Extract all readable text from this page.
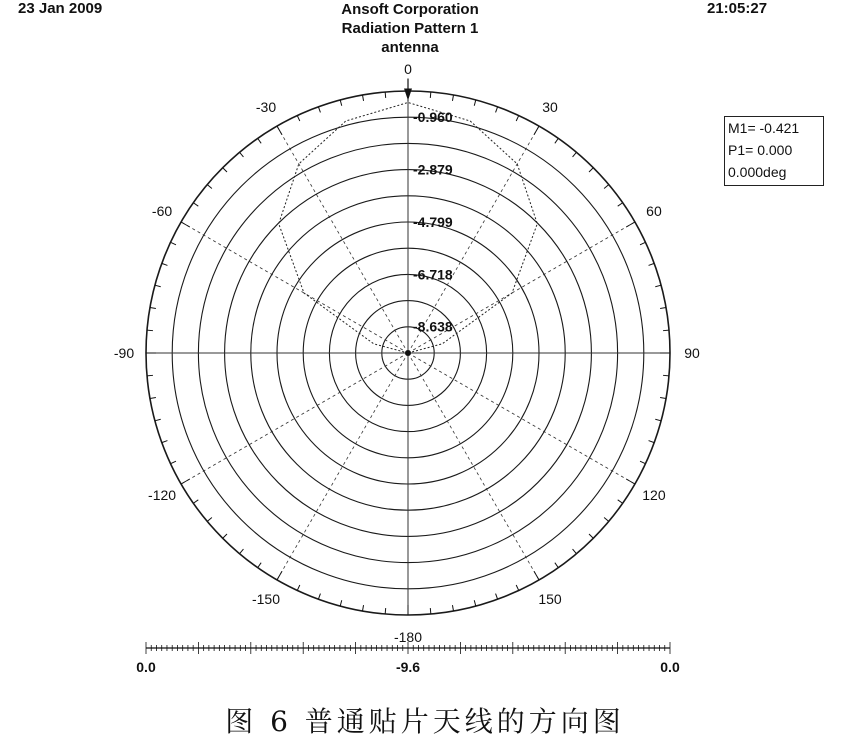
23 Jan 2009	21:05:27
Ansoft Corporation
Radiation Pattern 1
antenna
0
30
60
90
120
150
-180
-150
-120
-90
-60
-30
-0.960
-2.879
-4.799
-6.718
-8.638
0.0	-9.6	0.0
M1= -0.421
P1= 0.000
0.000deg
图 6 普通贴片天线的方向图
